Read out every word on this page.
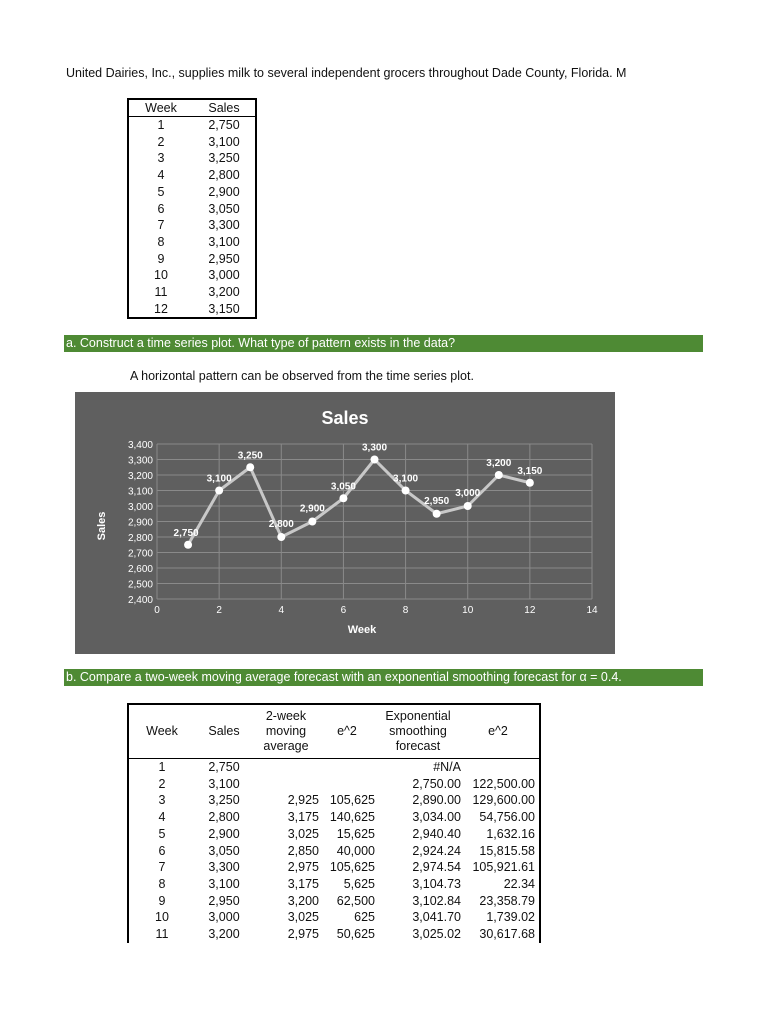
United Dairies, Inc., supplies milk to several independent grocers throughout Dade County, Florida. M
Week	Sales
1	2,750
2	3,100
3	3,250
4	2,800
5	2,900
6	3,050
7	3,300
8	3,100
9	2,950
10	3,000
11	3,200
12	3,150
a. Construct a time series plot. What type of pattern exists in the data?
A horizontal pattern can be observed from the time series plot.
2,400
2,500
2,600
2,700
2,800
2,900
3,000
3,100
3,200
3,300
3,400
0	2	4	6	8	10	12	14
Sales
Week
Sales	2,750
3,100
3,250
2,800
2,900
3,050
3,300
3,100
2,950
3,000
3,200
3,150
b. Compare a two-week moving average forecast with an exponential smoothing forecast for α = 0.4.
Week	Sales	2-week moving average	e^2	Exponential smoothing forecast	e^2
1	2,750			#N/A	
2	3,100			2,750.00	122,500.00
3	3,250	2,925	105,625	2,890.00	129,600.00
4	2,800	3,175	140,625	3,034.00	54,756.00
5	2,900	3,025	15,625	2,940.40	1,632.16
6	3,050	2,850	40,000	2,924.24	15,815.58
7	3,300	2,975	105,625	2,974.54	105,921.61
8	3,100	3,175	5,625	3,104.73	22.34
9	2,950	3,200	62,500	3,102.84	23,358.79
10	3,000	3,025	625	3,041.70	1,739.02
11	3,200	2,975	50,625	3,025.02	30,617.68
